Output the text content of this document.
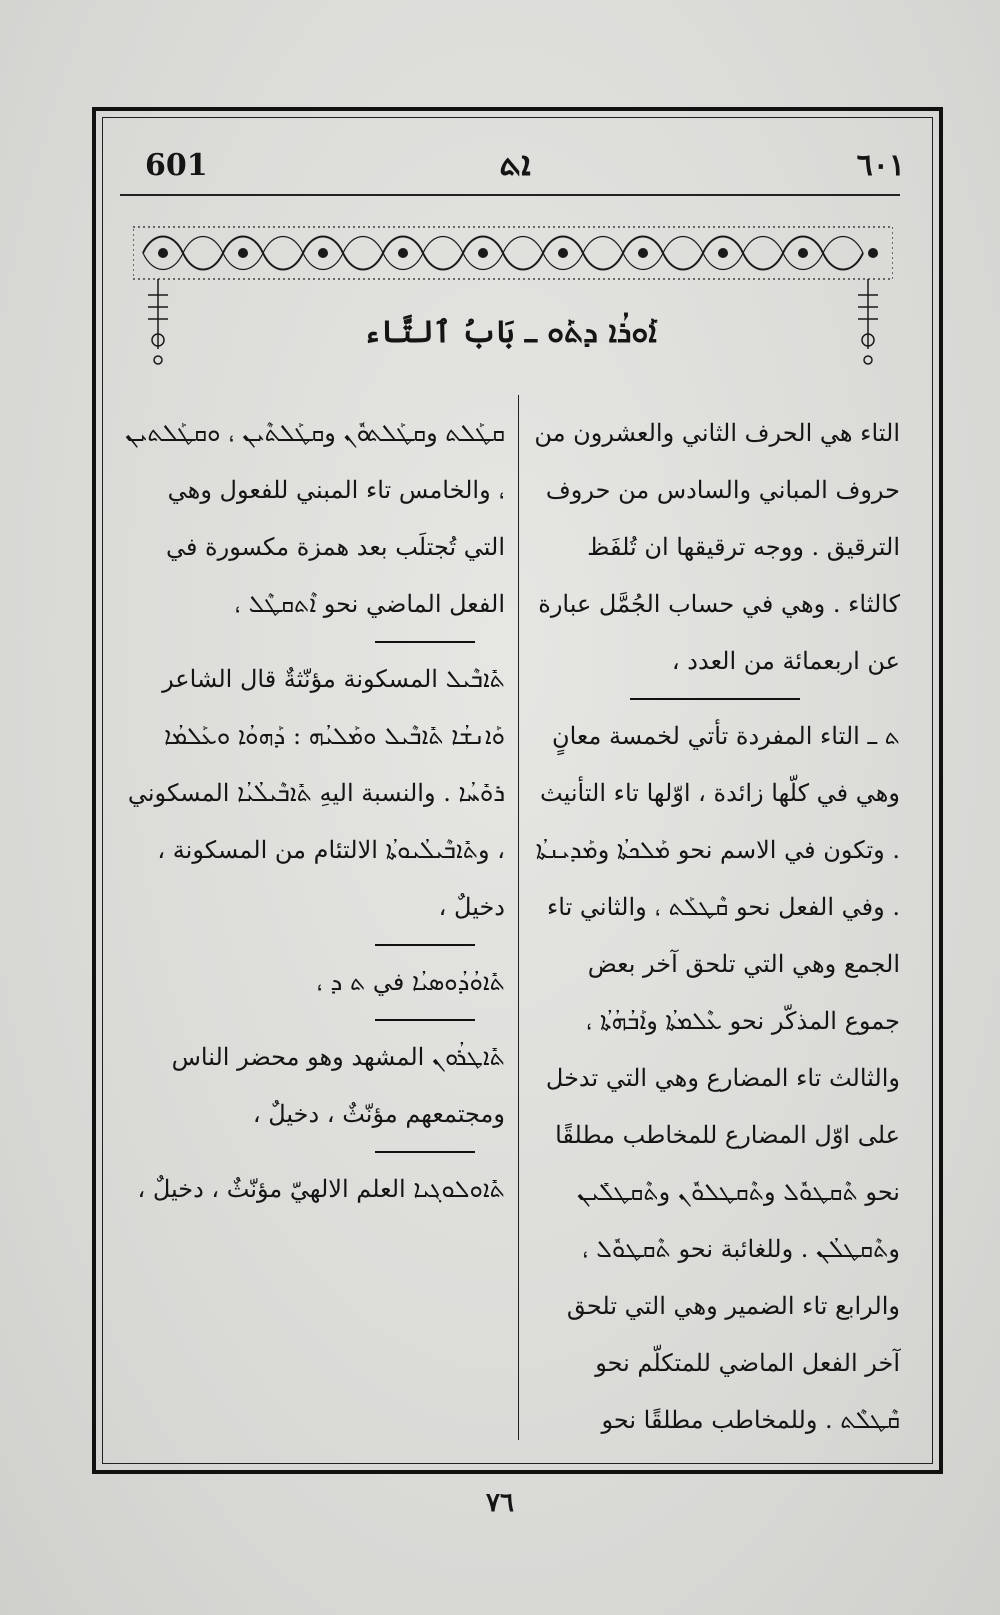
601	ܐܬ	٦٠١
ܐܰܘܪܳܐ ܕܬܰܘ ـ بَابُ ٱلتَّاء

التاء هي الحرف الثاني والعشرون من حروف المباني والسادس من حروف الترقيق . ووجه ترقيقها ان تُلفَظ كالثاء . وهي في حساب الجُمَّل عبارة عن اربعمائة من العدد ،

ܬ ـ التاء المفردة تأتي لخمسة معانٍ وهي في كلّها زائدة ، اوّلها تاء التأنيث . وتكون في الاسم نحو ܡܰܠܟܬܳܐ وܡܰܕܝܢܬܳܐ . وفي الفعل نحو ܩܶܛܠܰܬ ، والثاني تاء الجمع وهي التي تلحق آخر بعض جموع المذكّر نحو ܥܶܠܡܬܳܐ وܐܰܒܳܗܳܬܳܐ ، والثالث تاء المضارع وهي التي تدخل على اوّل المضارع للمخاطب مطلقًا نحو ܬܶܩܛܘܽܠ وܬܶܩܛܠܘܽܢ وܬܶܩܛܠܺܝܢ وܬܶܩܛܠܳܢ . وللغائبة نحو ܬܶܩܛܘܽܠ ، والرابع تاء الضمير وهي التي تلحق آخر الفعل الماضي للمتكلّم نحو ܩܶܛܠܶܬ . وللمخاطب مطلقًا نحو

ܩܛܰܠܬ وܩܛܰܠܬܘܽܢ وܩܛܰܠܬܶܝܢ ، ܘܩܛܰܠܬܝܢ ، والخامس تاء المبني للفعول وهي التي تُجتلَب بعد همزة مكسورة في الفعل الماضي نحو ܐܶܬܩܛܶܠ ،

ܬܺܐܒܶܝܠ المسكونة مؤنّثةٌ قال الشاعر ܘܰܐܢܫܳܐ ܬܺܐܒܶܝܠ ܘܡܰܠܝܳܗ : ܕܰܗܘܳܐ ܘܥܰܠܡܳܐ ܪܘܺܚܳܐ . والنسبة اليهِ ܬܺܐܒܶܝܠܳܝܳܐ المسكوني ، وܬܺܐܒܶܝܠܳܝܘܬܳܐ الالتئام من المسكونة ، دخيلٌ ،

ܬܺܐܘܳܕܳܘܣܝܳܐ في ܬ ܕ ،

ܬܺܐܛܪܳܘܢ المشهد وهو محضر الناس ومجتمعهم مؤنّثٌ ، دخيلٌ ،

ܬܺܐܘܠܘܓܝܐ العلم الالهيّ مؤنّثٌ ، دخيلٌ ،

٧٦
